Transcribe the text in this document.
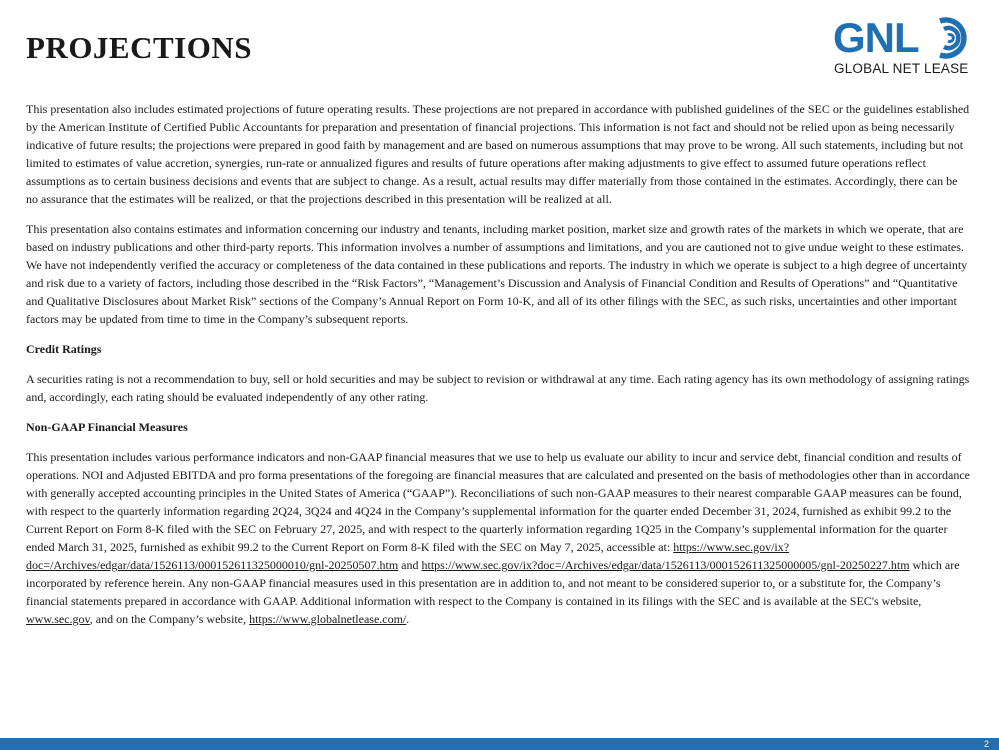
PROJECTIONS	GNL
GLOBAL NET LEASE

This presentation also includes estimated projections of future operating results. These projections are not prepared in accordance with published guidelines of the SEC or the guidelines established by the American Institute of Certified Public Accountants for preparation and presentation of financial projections. This information is not fact and should not be relied upon as being necessarily indicative of future results; the projections were prepared in good faith by management and are based on numerous assumptions that may prove to be wrong. All such statements, including but not limited to estimates of value accretion, synergies, run-rate or annualized figures and results of future operations after making adjustments to give effect to assumed future operations reflect assumptions as to certain business decisions and events that are subject to change. As a result, actual results may differ materially from those contained in the estimates. Accordingly, there can be no assurance that the estimates will be realized, or that the projections described in this presentation will be realized at all.

This presentation also contains estimates and information concerning our industry and tenants, including market position, market size and growth rates of the markets in which we operate, that are based on industry publications and other third-party reports. This information involves a number of assumptions and limitations, and you are cautioned not to give undue weight to these estimates. We have not independently verified the accuracy or completeness of the data contained in these publications and reports. The industry in which we operate is subject to a high degree of uncertainty and risk due to a variety of factors, including those described in the “Risk Factors”, “Management’s Discussion and Analysis of Financial Condition and Results of Operations” and “Quantitative and Qualitative Disclosures about Market Risk” sections of the Company’s Annual Report on Form 10-K, and all of its other filings with the SEC, as such risks, uncertainties and other important factors may be updated from time to time in the Company’s subsequent reports.

Credit Ratings

A securities rating is not a recommendation to buy, sell or hold securities and may be subject to revision or withdrawal at any time. Each rating agency has its own methodology of assigning ratings and, accordingly, each rating should be evaluated independently of any other rating.

Non-GAAP Financial Measures

This presentation includes various performance indicators and non-GAAP financial measures that we use to help us evaluate our ability to incur and service debt, financial condition and results of operations. NOI and Adjusted EBITDA and pro forma presentations of the foregoing are financial measures that are calculated and presented on the basis of methodologies other than in accordance with generally accepted accounting principles in the United States of America (“GAAP”). Reconciliations of such non-GAAP measures to their nearest comparable GAAP measures can be found, with respect to the quarterly information regarding 2Q24, 3Q24 and 4Q24 in the Company’s supplemental information for the quarter ended December 31, 2024, furnished as exhibit 99.2 to the Current Report on Form 8-K filed with the SEC on February 27, 2025, and with respect to the quarterly information regarding 1Q25 in the Company’s supplemental information for the quarter ended March 31, 2025, furnished as exhibit 99.2 to the Current Report on Form 8-K filed with the SEC on May 7, 2025, accessible at: https://www.sec.gov/ix?doc=/Archives/edgar/data/1526113/000152611325000010/gnl-20250507.htm and https://www.sec.gov/ix?doc=/Archives/edgar/data/1526113/000152611325000005/gnl-20250227.htm which are incorporated by reference herein. Any non-GAAP financial measures used in this presentation are in addition to, and not meant to be considered superior to, or a substitute for, the Company’s financial statements prepared in accordance with GAAP. Additional information with respect to the Company is contained in its filings with the SEC and is available at the SEC's website, www.sec.gov, and on the Company’s website, https://www.globalnetlease.com/.

2
